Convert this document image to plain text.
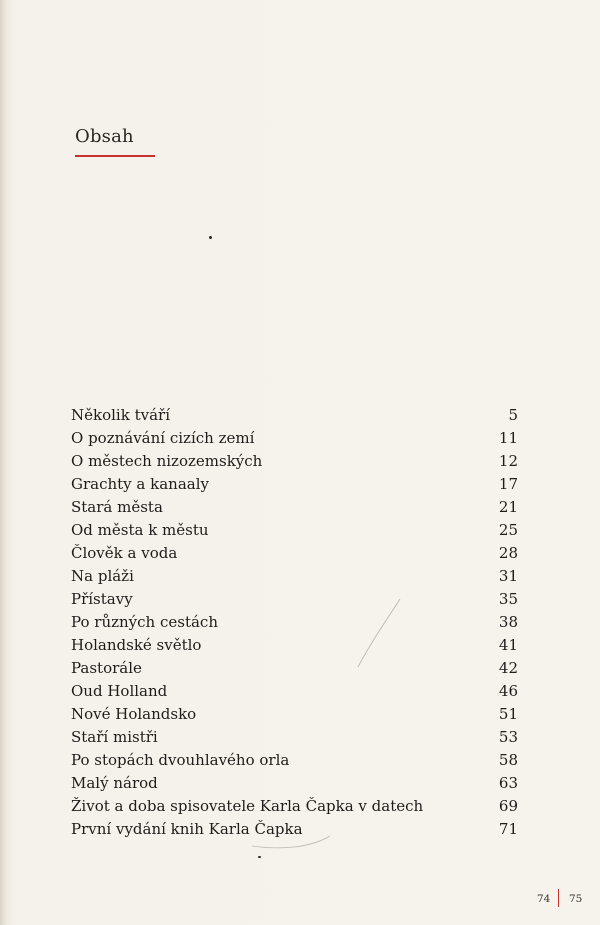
Obsah
Několik tváří	5
O poznávání cizích zemí	11
O městech nizozemských	12
Grachty a kanaaly	17
Stará města	21
Od města k městu	25
Člověk a voda	28
Na pláži	31
Přístavy	35
Po různých cestách	38
Holandské světlo	41
Pastorále	42
Oud Holland	46
Nové Holandsko	51
Staří mistři	53
Po stopách dvouhlavého orla	58
Malý národ	63
Život a doba spisovatele Karla Čapka v datech	69
První vydání knih Karla Čapka	71
74 75
